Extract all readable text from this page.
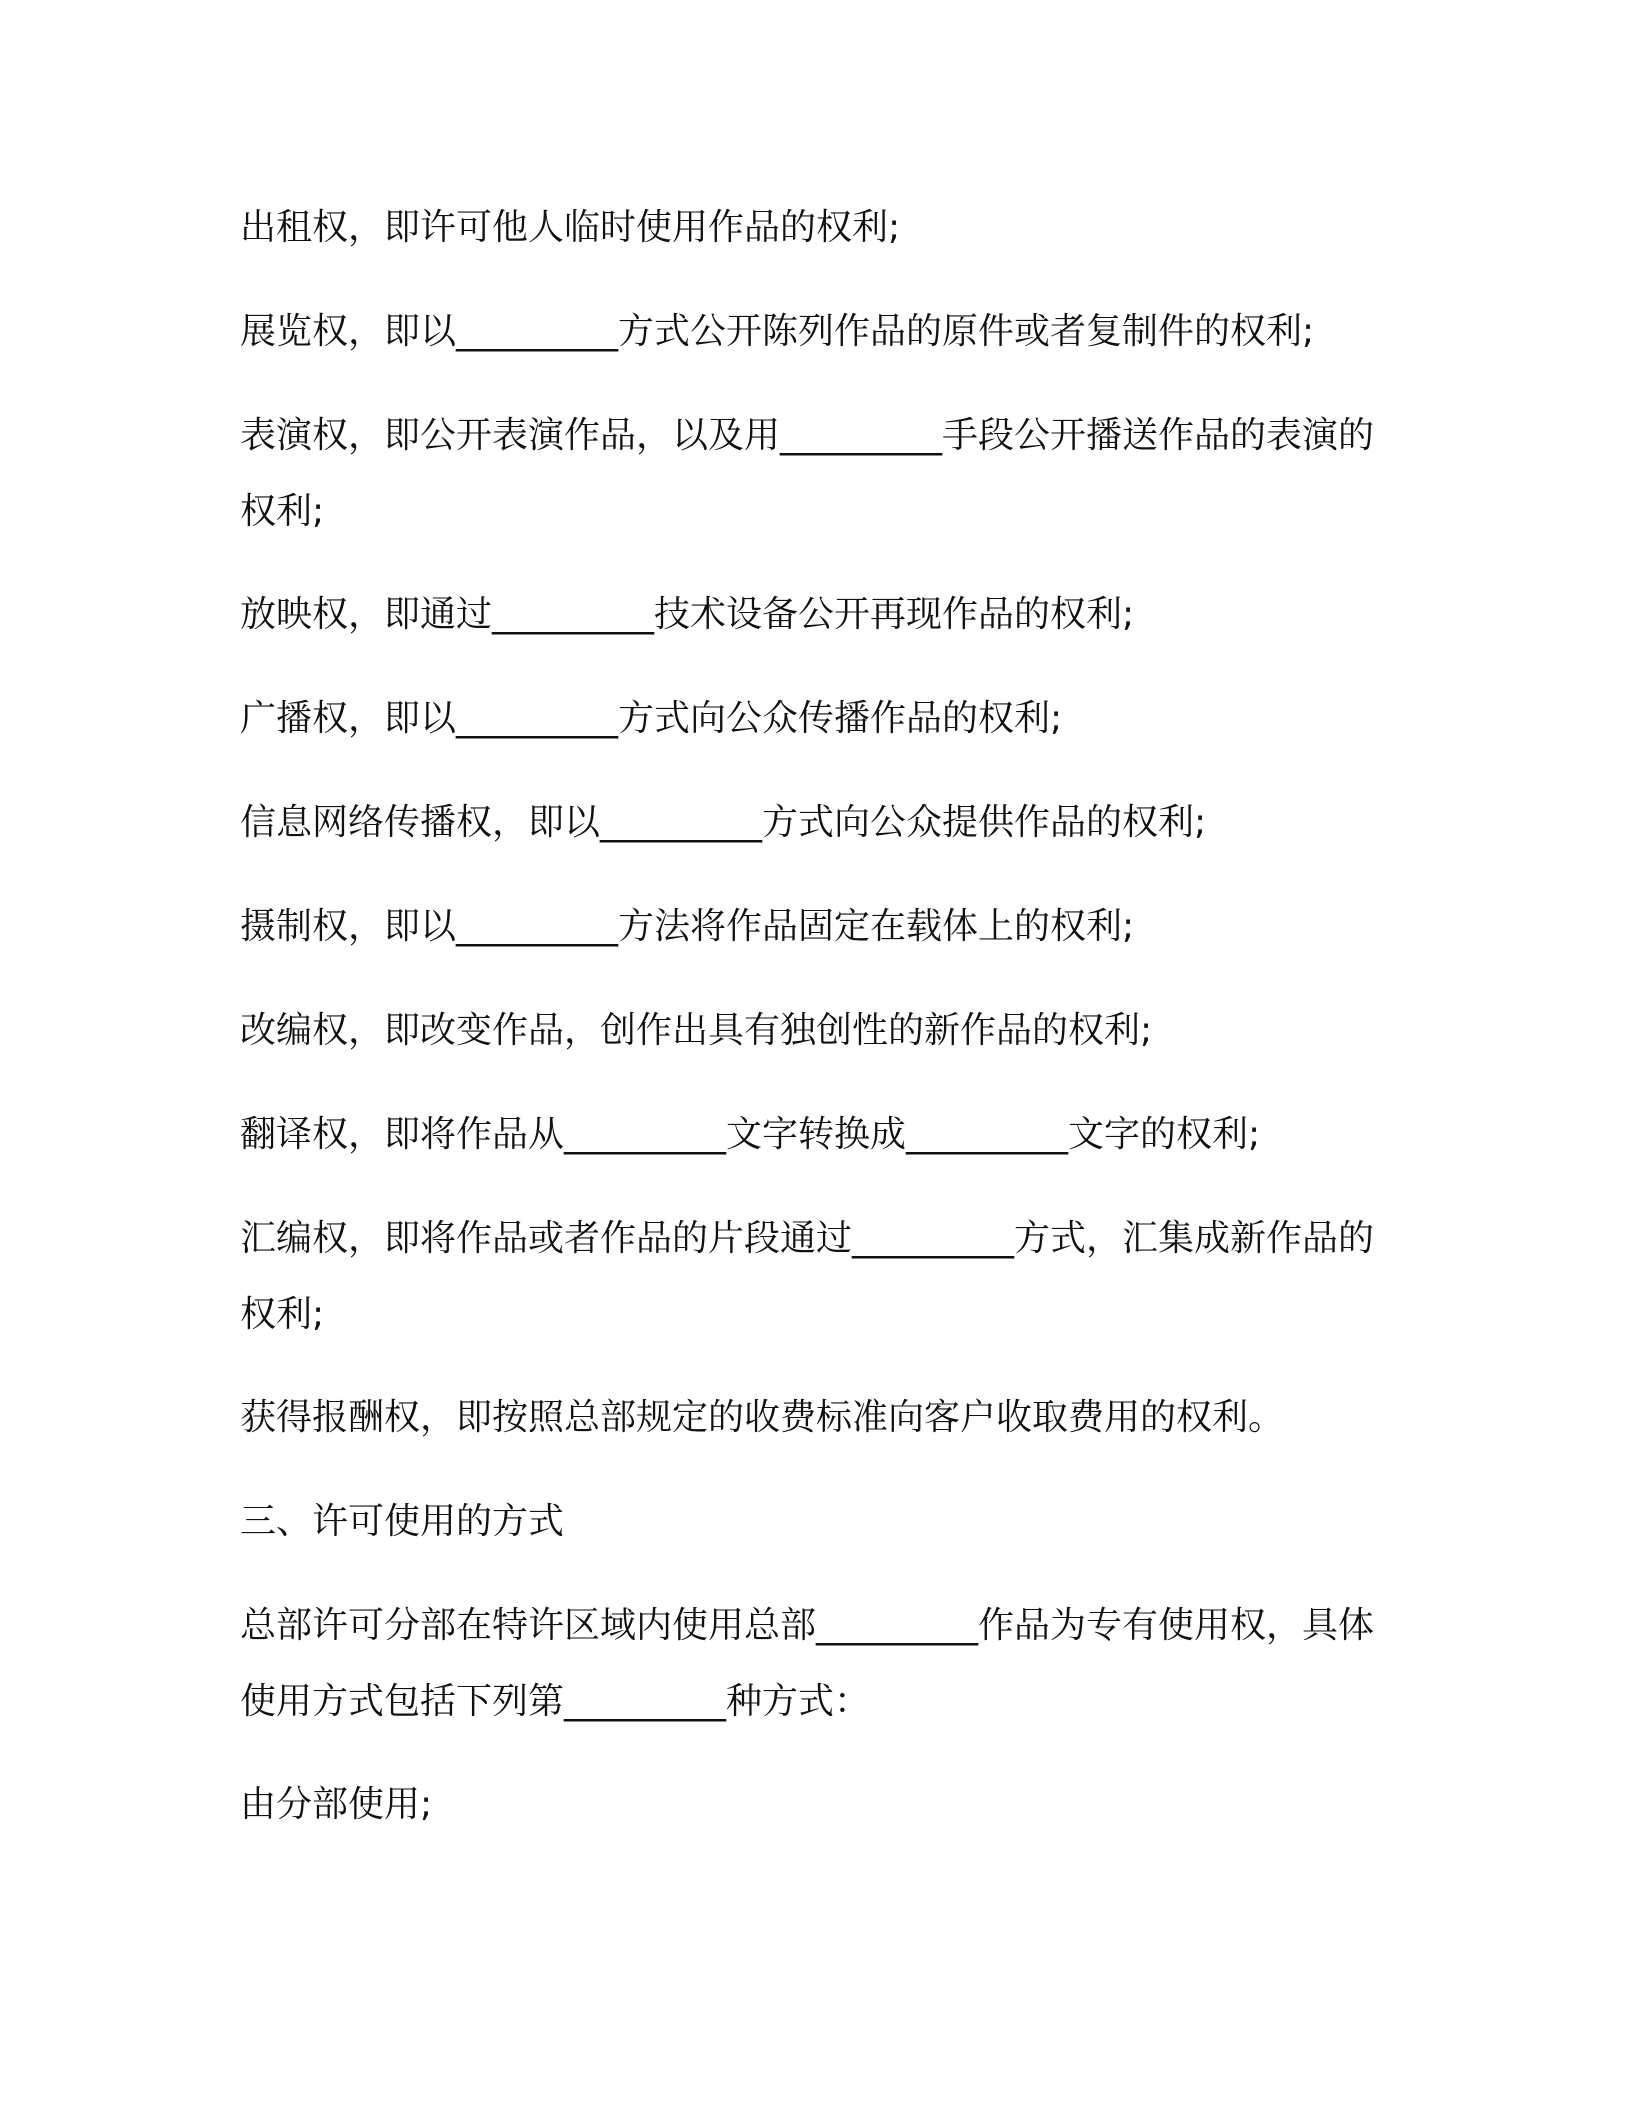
出租权，即许可他人临时使用作品的权利;

展览权，即以_________方式公开陈列作品的原件或者复制件的权利;

表演权，即公开表演作品，以及用_________手段公开播送作品的表演的权利;

放映权，即通过_________技术设备公开再现作品的权利;

广播权，即以_________方式向公众传播作品的权利;

信息网络传播权，即以_________方式向公众提供作品的权利;

摄制权，即以_________方法将作品固定在载体上的权利;

改编权，即改变作品，创作出具有独创性的新作品的权利;

翻译权，即将作品从_________文字转换成_________文字的权利;

汇编权，即将作品或者作品的片段通过_________方式，汇集成新作品的权利;

获得报酬权，即按照总部规定的收费标准向客户收取费用的权利。

三、许可使用的方式

总部许可分部在特许区域内使用总部_________作品为专有使用权，具体使用方式包括下列第_________种方式：

由分部使用;
